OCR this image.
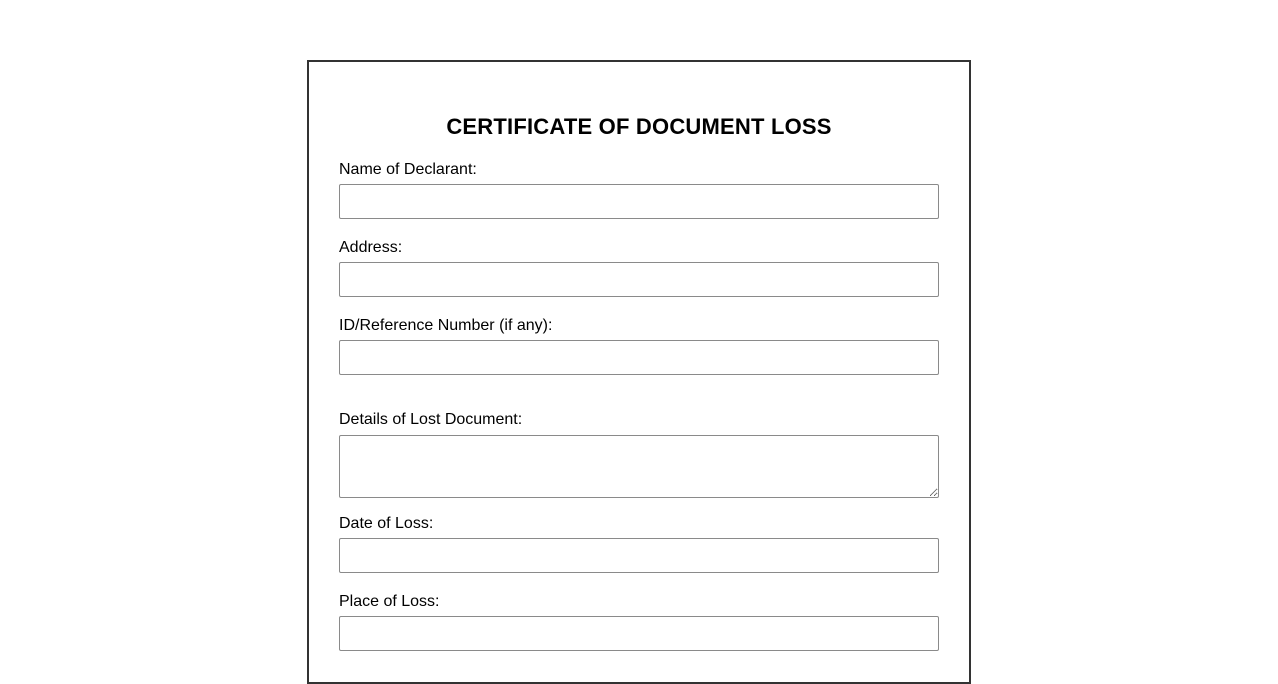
CERTIFICATE OF DOCUMENT LOSS
Name of Declarant:
Address:
ID/Reference Number (if any):
Details of Lost Document:
Date of Loss:
Place of Loss:
